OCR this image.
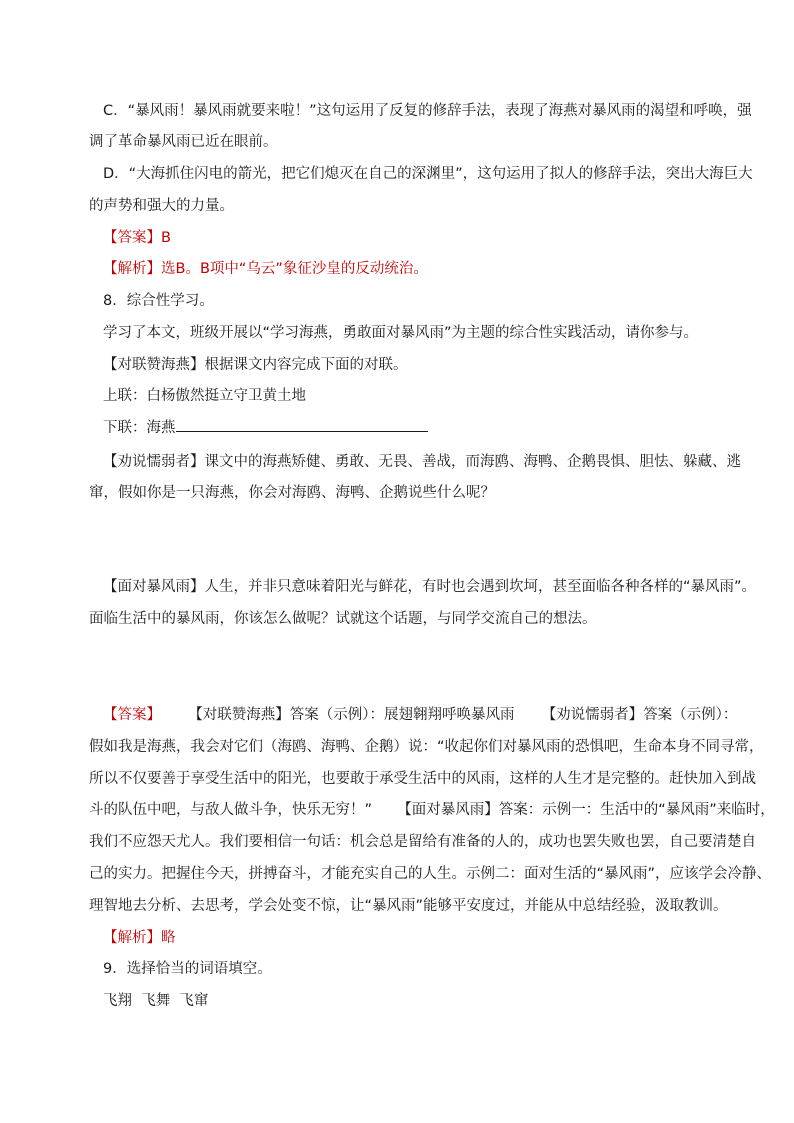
C．“暴风雨！暴风雨就要来啦！”这句运用了反复的修辞手法，表现了海燕对暴风雨的渴望和呼唤，强
调了革命暴风雨已近在眼前。
D．“大海抓住闪电的箭光，把它们熄灭在自己的深渊里”，这句运用了拟人的修辞手法，突出大海巨大
的声势和强大的力量。
【答案】B
【解析】选B。B项中“乌云”象征沙皇的反动统治。
8．综合性学习。
学习了本文，班级开展以“学习海燕，勇敢面对暴风雨”为主题的综合性实践活动，请你参与。
【对联赞海燕】根据课文内容完成下面的对联。
上联：白杨傲然挺立守卫黄土地
下联：海燕
【劝说懦弱者】课文中的海燕矫健、勇敢、无畏、善战，而海鸥、海鸭、企鹅畏惧、胆怯、躲藏、逃
窜，假如你是一只海燕，你会对海鸥、海鸭、企鹅说些什么呢？
【面对暴风雨】人生，并非只意味着阳光与鲜花，有时也会遇到坎坷，甚至面临各种各样的“暴风雨”。
面临生活中的暴风雨，你该怎么做呢？试就这个话题，与同学交流自己的想法。
【答案】 【对联赞海燕】答案（示例）：展翅翱翔呼唤暴风雨 【劝说懦弱者】答案（示例）：
假如我是海燕，我会对它们（海鸥、海鸭、企鹅）说：“收起你们对暴风雨的恐惧吧，生命本身不同寻常，
所以不仅要善于享受生活中的阳光，也要敢于承受生活中的风雨，这样的人生才是完整的。赶快加入到战
斗的队伍中吧，与敌人做斗争，快乐无穷！” 【面对暴风雨】答案：示例一：生活中的“暴风雨”来临时，
我们不应怨天尤人。我们要相信一句话：机会总是留给有准备的人的，成功也罢失败也罢，自己要清楚自
己的实力。把握住今天，拼搏奋斗，才能充实自己的人生。示例二：面对生活的“暴风雨”，应该学会冷静、
理智地去分析、去思考，学会处变不惊，让“暴风雨”能够平安度过，并能从中总结经验，汲取教训。
【解析】略
9．选择恰当的词语填空。
飞翔  飞舞  飞窜
